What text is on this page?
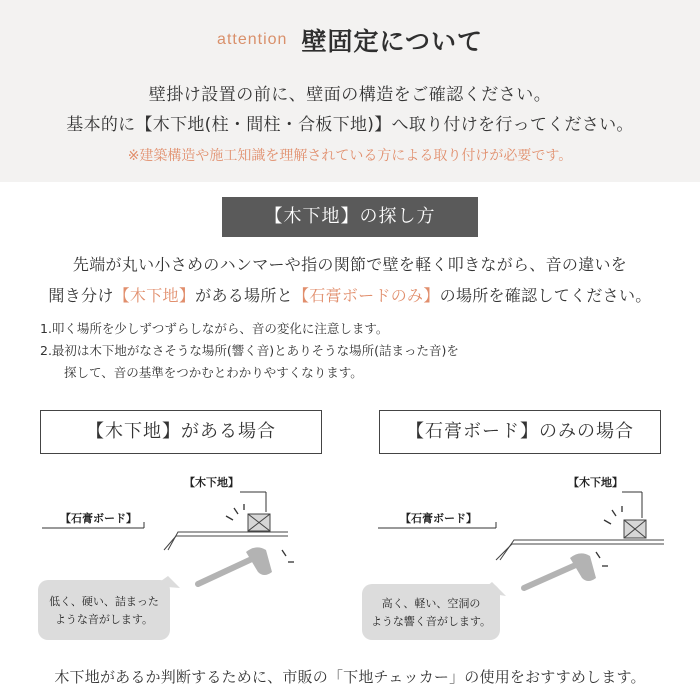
attention 壁固定について
壁掛け設置の前に、壁面の構造をご確認ください。
基本的に【木下地(柱・間柱・合板下地)】へ取り付けを行ってください。
※建築構造や施工知識を理解されている方による取り付けが必要です。
【木下地】の探し方
先端が丸い小さめのハンマーや指の関節で壁を軽く叩きながら、音の違いを
聞き分け【木下地】がある場所と【石膏ボードのみ】の場所を確認してください。
1.叩く場所を少しずつずらしながら、音の変化に注意します。
2.最初は木下地がなさそうな場所(響く音)とありそうな場所(詰まった音)を
探して、音の基準をつかむとわかりやすくなります。
【木下地】がある場合	【石膏ボード】のみの場合
【木下地】
【石膏ボード】
低く、硬い、詰まった
ような音がします。
【木下地】
【石膏ボード】
高く、軽い、空洞の
ような響く音がします。
木下地があるか判断するために、市販の「下地チェッカー」の使用をおすすめします。
